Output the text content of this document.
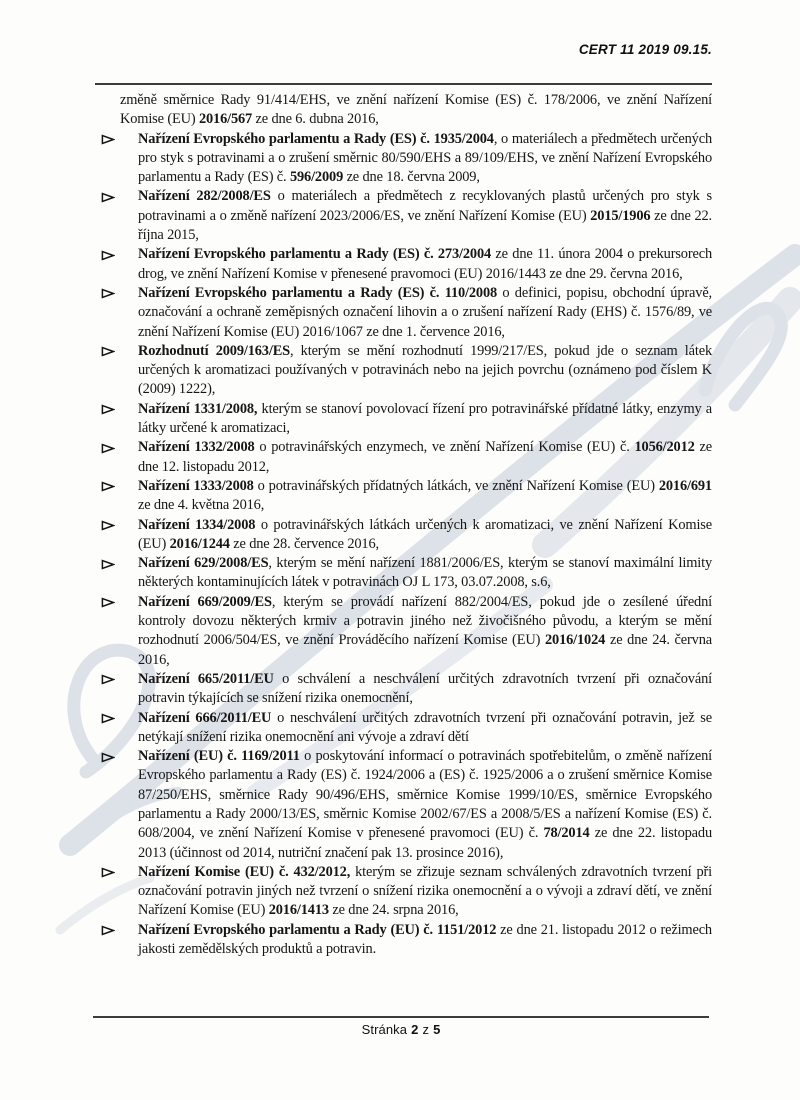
CERT 11 2019 09.15.

změně směrnice Rady 91/414/EHS, ve znění nařízení Komise (ES) č. 178/2006, ve znění Nařízení Komise (EU) 2016/567 ze dne 6. dubna 2016,

Nařízení Evropského parlamentu a Rady (ES) č. 1935/2004, o materiálech a předmětech určených pro styk s potravinami a o zrušení směrnic 80/590/EHS a 89/109/EHS, ve znění Nařízení Evropského parlamentu a Rady (ES) č. 596/2009 ze dne 18. června 2009,

Nařízení 282/2008/ES o materiálech a předmětech z recyklovaných plastů určených pro styk s potravinami a o změně nařízení 2023/2006/ES, ve znění Nařízení Komise (EU) 2015/1906 ze dne 22. října 2015,

Nařízení Evropského parlamentu a Rady (ES) č. 273/2004 ze dne 11. února 2004 o prekursorech drog, ve znění Nařízení Komise v přenesené pravomoci (EU) 2016/1443 ze dne 29. června 2016,

Nařízení Evropského parlamentu a Rady (ES) č. 110/2008 o definici, popisu, obchodní úpravě, označování a ochraně zeměpisných označení lihovin a o zrušení nařízení Rady (EHS) č. 1576/89, ve znění Nařízení Komise (EU) 2016/1067 ze dne 1. července 2016,

Rozhodnutí 2009/163/ES, kterým se mění rozhodnutí 1999/217/ES, pokud jde o seznam látek určených k aromatizaci používaných v potravinách nebo na jejich povrchu (oznámeno pod číslem K (2009) 1222),

Nařízení 1331/2008, kterým se stanoví povolovací řízení pro potravinářské přídatné látky, enzymy a látky určené k aromatizaci,

Nařízení 1332/2008 o potravinářských enzymech, ve znění Nařízení Komise (EU) č. 1056/2012 ze dne 12. listopadu 2012,

Nařízení 1333/2008 o potravinářských přídatných látkách, ve znění Nařízení Komise (EU) 2016/691 ze dne 4. května 2016,

Nařízení 1334/2008 o potravinářských látkách určených k aromatizaci, ve znění Nařízení Komise (EU) 2016/1244 ze dne 28. července 2016,

Nařízení 629/2008/ES, kterým se mění nařízení 1881/2006/ES, kterým se stanoví maximální limity některých kontaminujících látek v potravinách OJ L 173, 03.07.2008, s.6,

Nařízení 669/2009/ES, kterým se provádí nařízení 882/2004/ES, pokud jde o zesílené úřední kontroly dovozu některých krmiv a potravin jiného než živočišného původu, a kterým se mění rozhodnutí 2006/504/ES, ve znění Prováděcího nařízení Komise (EU) 2016/1024 ze dne 24. června 2016,

Nařízení 665/2011/EU o schválení a neschválení určitých zdravotních tvrzení při označování potravin týkajících se snížení rizika onemocnění,

Nařízení 666/2011/EU o neschválení určitých zdravotních tvrzení při označování potravin, jež se netýkají snížení rizika onemocnění ani vývoje a zdraví dětí

Nařízení (EU) č. 1169/2011 o poskytování informací o potravinách spotřebitelům, o změně nařízení Evropského parlamentu a Rady (ES) č. 1924/2006 a (ES) č. 1925/2006 a o zrušení směrnice Komise 87/250/EHS, směrnice Rady 90/496/EHS, směrnice Komise 1999/10/ES, směrnice Evropského parlamentu a Rady 2000/13/ES, směrnic Komise 2002/67/ES a 2008/5/ES a nařízení Komise (ES) č. 608/2004, ve znění Nařízení Komise v přenesené pravomoci (EU) č. 78/2014 ze dne 22. listopadu 2013 (účinnost od 2014, nutriční značení pak 13. prosince 2016),

Nařízení Komise (EU) č. 432/2012, kterým se zřizuje seznam schválených zdravotních tvrzení při označování potravin jiných než tvrzení o snížení rizika onemocnění a o vývoji a zdraví dětí, ve znění Nařízení Komise (EU) 2016/1413 ze dne 24. srpna 2016,

Nařízení Evropského parlamentu a Rady (EU) č. 1151/2012 ze dne 21. listopadu 2012 o režimech jakosti zemědělských produktů a potravin.

Stránka 2 z 5
